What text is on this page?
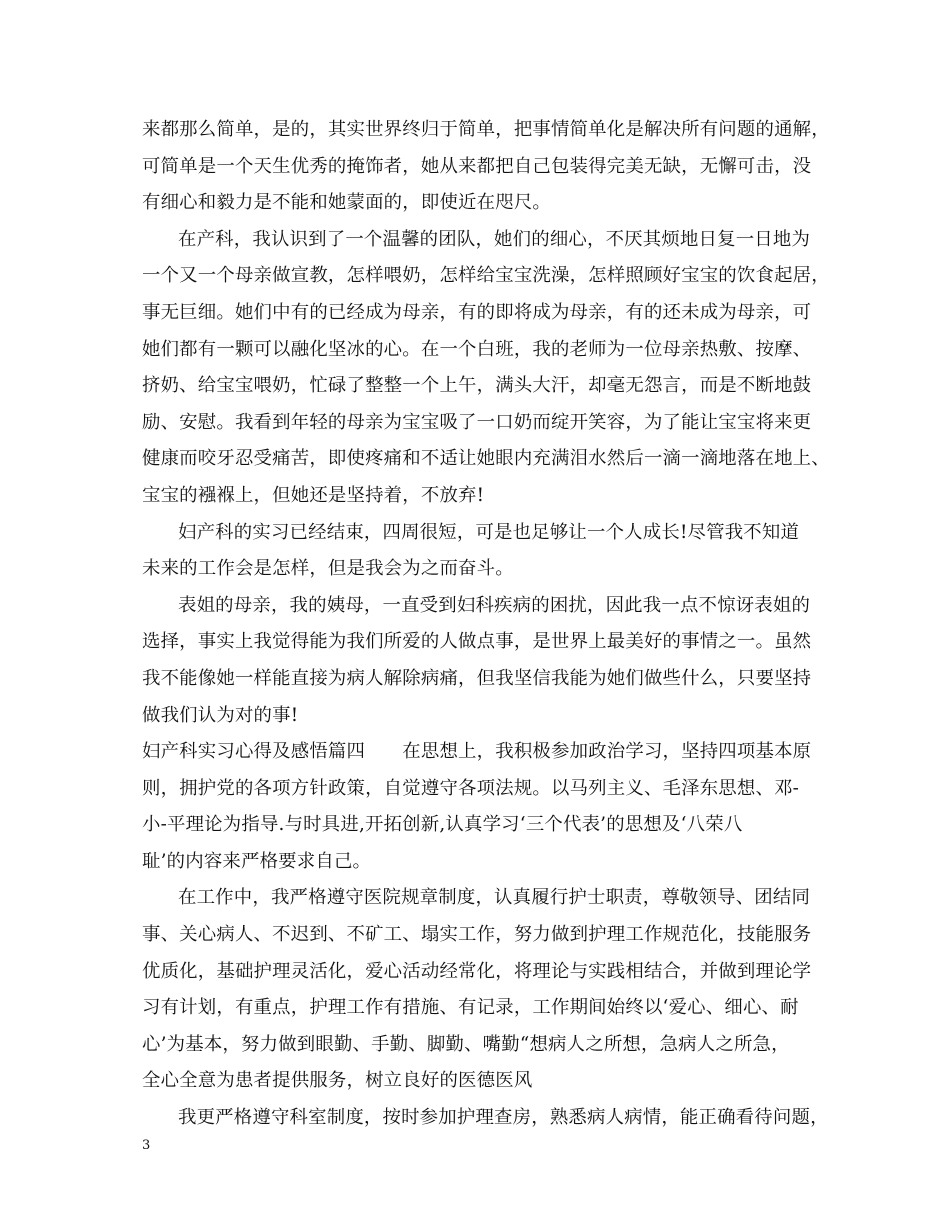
来都那么简单，是的，其实世界终归于简单，把事情简单化是解决所有问题的通解，
可简单是一个天生优秀的掩饰者，她从来都把自己包装得完美无缺，无懈可击，没
有细心和毅力是不能和她蒙面的，即使近在咫尺。
在产科，我认识到了一个温馨的团队，她们的细心，不厌其烦地日复一日地为
一个又一个母亲做宣教，怎样喂奶，怎样给宝宝洗澡，怎样照顾好宝宝的饮食起居，
事无巨细。她们中有的已经成为母亲，有的即将成为母亲，有的还未成为母亲，可
她们都有一颗可以融化坚冰的心。在一个白班，我的老师为一位母亲热敷、按摩、
挤奶、给宝宝喂奶，忙碌了整整一个上午，满头大汗，却毫无怨言，而是不断地鼓
励、安慰。我看到年轻的母亲为宝宝吸了一口奶而绽开笑容，为了能让宝宝将来更
健康而咬牙忍受痛苦，即使疼痛和不适让她眼内充满泪水然后一滴一滴地落在地上、
宝宝的襁褓上，但她还是坚持着，不放弃!
妇产科的实习已经结束，四周很短，可是也足够让一个人成长!尽管我不知道
未来的工作会是怎样，但是我会为之而奋斗。
表姐的母亲，我的姨母，一直受到妇科疾病的困扰，因此我一点不惊讶表姐的
选择，事实上我觉得能为我们所爱的人做点事，是世界上最美好的事情之一。虽然
我不能像她一样能直接为病人解除病痛，但我坚信我能为她们做些什么，只要坚持
做我们认为对的事!
妇产科实习心得及感悟篇四　　在思想上，我积极参加政治学习，坚持四项基本原
则，拥护党的各项方针政策，自觉遵守各项法规。以马列主义、毛泽东思想、邓-
小-平理论为指导.与时具进,开拓创新,认真学习‘三个代表’的思想及‘八荣八
耻’的内容来严格要求自己。
在工作中，我严格遵守医院规章制度，认真履行护士职责，尊敬领导、团结同
事、关心病人、不迟到、不矿工、塌实工作，努力做到护理工作规范化，技能服务
优质化，基础护理灵活化，爱心活动经常化，将理论与实践相结合，并做到理论学
习有计划，有重点，护理工作有措施、有记录，工作期间始终以‘爱心、细心、耐
心’为基本，努力做到眼勤、手勤、脚勤、嘴勤“想病人之所想，急病人之所急，
全心全意为患者提供服务，树立良好的医德医风
我更严格遵守科室制度，按时参加护理查房，熟悉病人病情，能正确看待问题，
3
